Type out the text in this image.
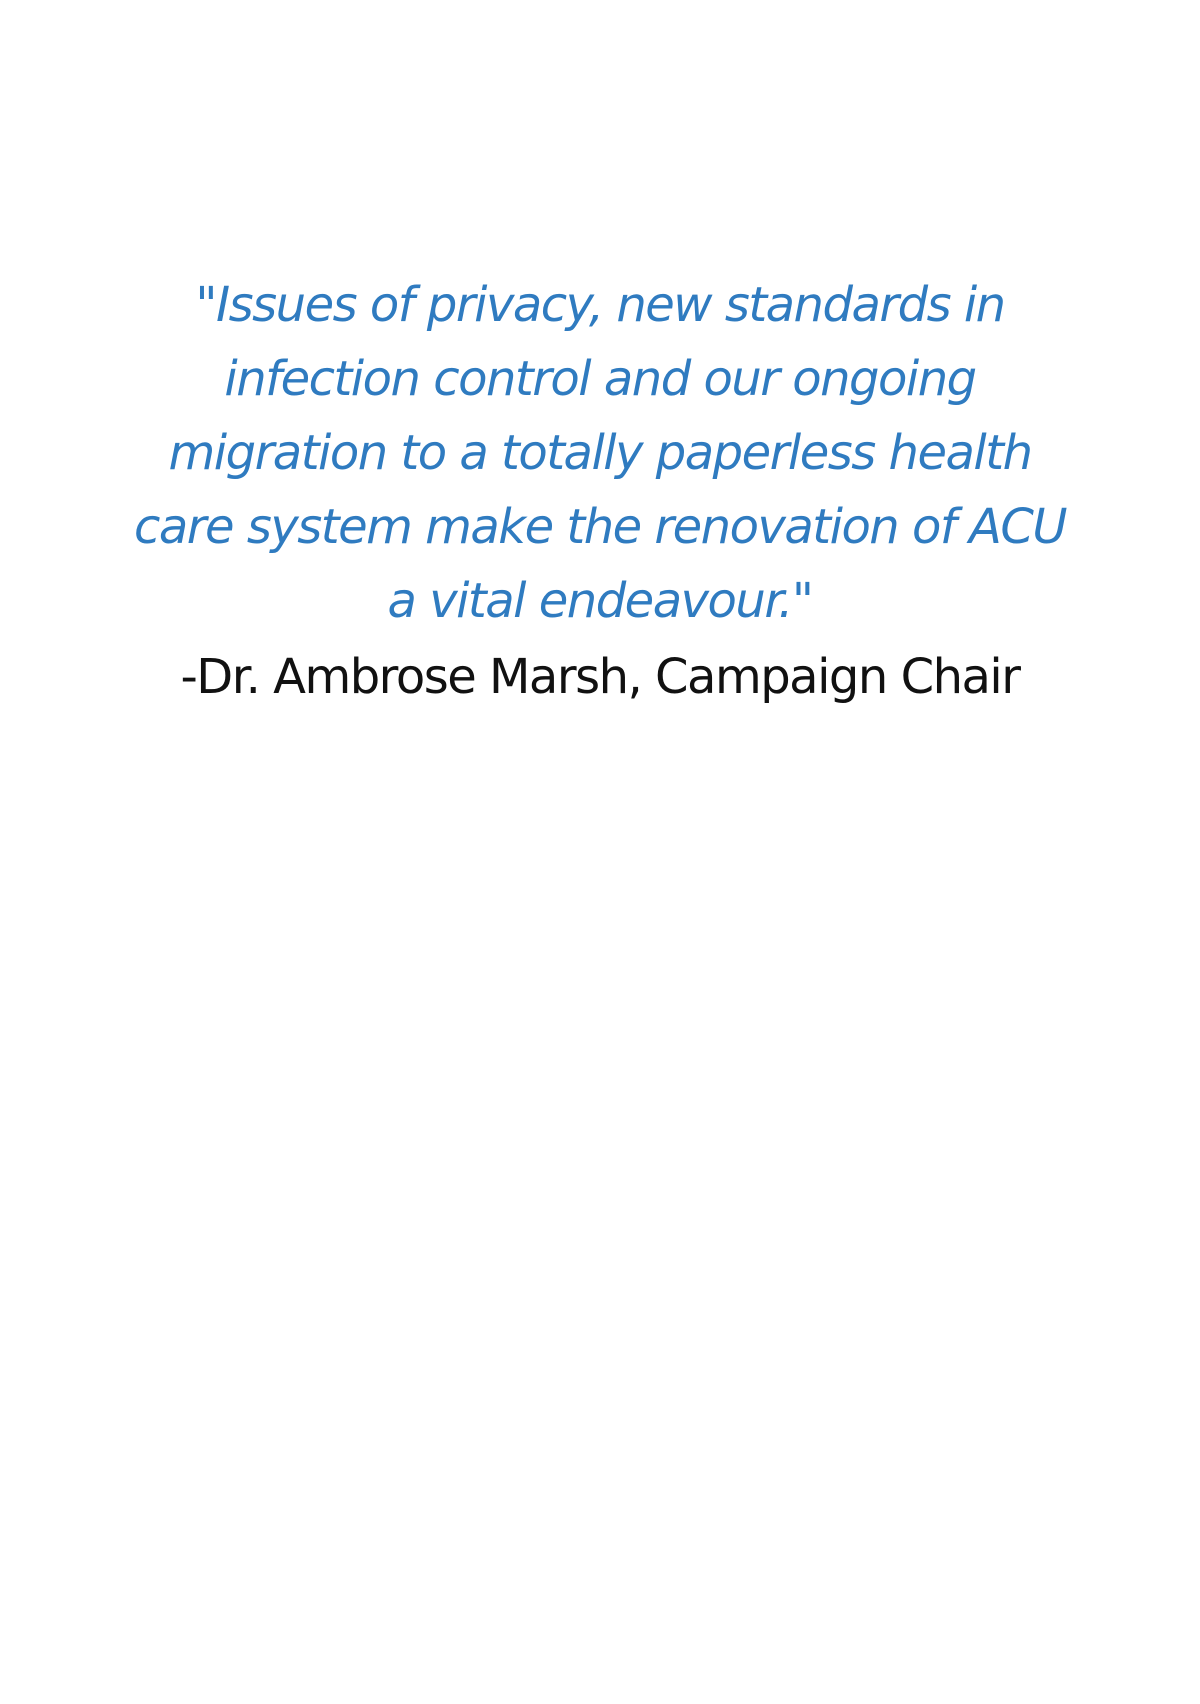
"Issues of privacy, new standards in
infection control and our ongoing
migration to a totally paperless health
care system make the renovation of ACU
a vital endeavour."
-Dr. Ambrose Marsh, Campaign Chair
